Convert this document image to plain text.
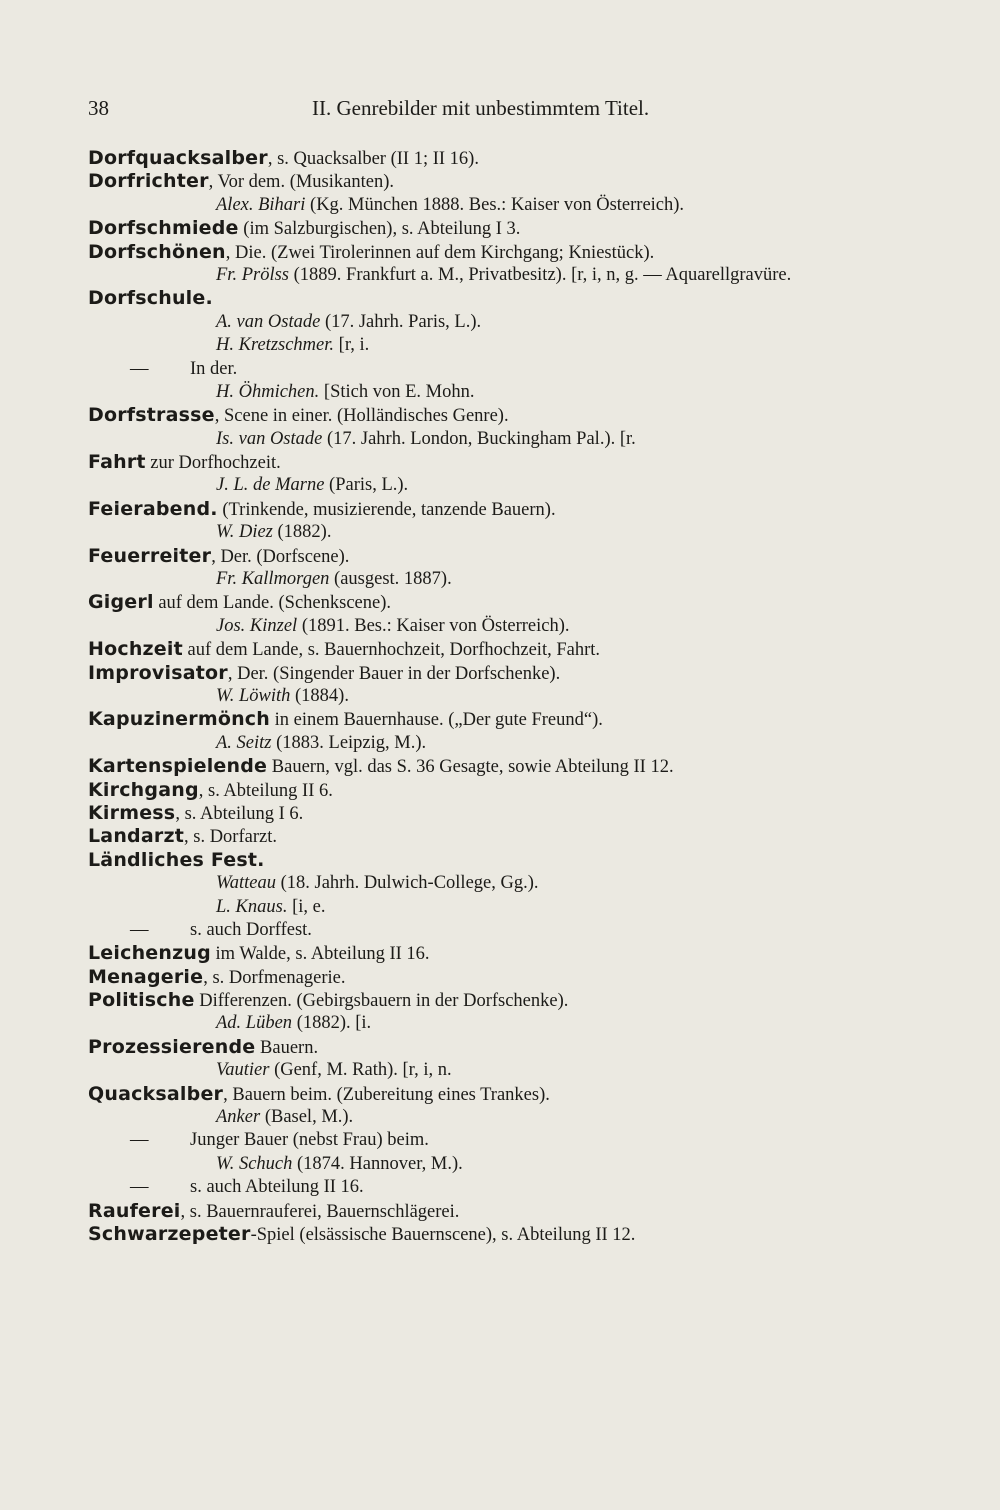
38	II. Genrebilder mit unbestimmtem Titel.
Dorfquacksalber, s. Quacksalber (II 1; II 16).
Dorfrichter, Vor dem. (Musikanten).
Alex. Bihari (Kg. München 1888. Bes.: Kaiser von Österreich).
Dorfschmiede (im Salzburgischen), s. Abteilung I 3.
Dorfschönen, Die. (Zwei Tirolerinnen auf dem Kirchgang; Kniestück).
Fr. Prölss (1889. Frankfurt a. M., Privatbesitz). [r, i, n, g. — Aquarellgravüre.
Dorfschule.
A. van Ostade (17. Jahrh. Paris, L.).
H. Kretzschmer. [r, i.
— In der.
H. Öhmichen. [Stich von E. Mohn.
Dorfstrasse, Scene in einer. (Holländisches Genre).
Is. van Ostade (17. Jahrh. London, Buckingham Pal.). [r.
Fahrt zur Dorfhochzeit.
J. L. de Marne (Paris, L.).
Feierabend. (Trinkende, musizierende, tanzende Bauern).
W. Diez (1882).
Feuerreiter, Der. (Dorfscene).
Fr. Kallmorgen (ausgest. 1887).
Gigerl auf dem Lande. (Schenkscene).
Jos. Kinzel (1891. Bes.: Kaiser von Österreich).
Hochzeit auf dem Lande, s. Bauernhochzeit, Dorfhochzeit, Fahrt.
Improvisator, Der. (Singender Bauer in der Dorfschenke).
W. Löwith (1884).
Kapuzinermönch in einem Bauernhause. („Der gute Freund“).
A. Seitz (1883. Leipzig, M.).
Kartenspielende Bauern, vgl. das S. 36 Gesagte, sowie Abteilung II 12.
Kirchgang, s. Abteilung II 6.
Kirmess, s. Abteilung I 6.
Landarzt, s. Dorfarzt.
Ländliches Fest.
Watteau (18. Jahrh. Dulwich-College, Gg.).
L. Knaus. [i, e.
— s. auch Dorffest.
Leichenzug im Walde, s. Abteilung II 16.
Menagerie, s. Dorfmenagerie.
Politische Differenzen. (Gebirgsbauern in der Dorfschenke).
Ad. Lüben (1882). [i.
Prozessierende Bauern.
Vautier (Genf, M. Rath). [r, i, n.
Quacksalber, Bauern beim. (Zubereitung eines Trankes).
Anker (Basel, M.).
— Junger Bauer (nebst Frau) beim.
W. Schuch (1874. Hannover, M.).
— s. auch Abteilung II 16.
Rauferei, s. Bauernrauferei, Bauernschlägerei.
Schwarzepeter-Spiel (elsässische Bauernscene), s. Abteilung II 12.
